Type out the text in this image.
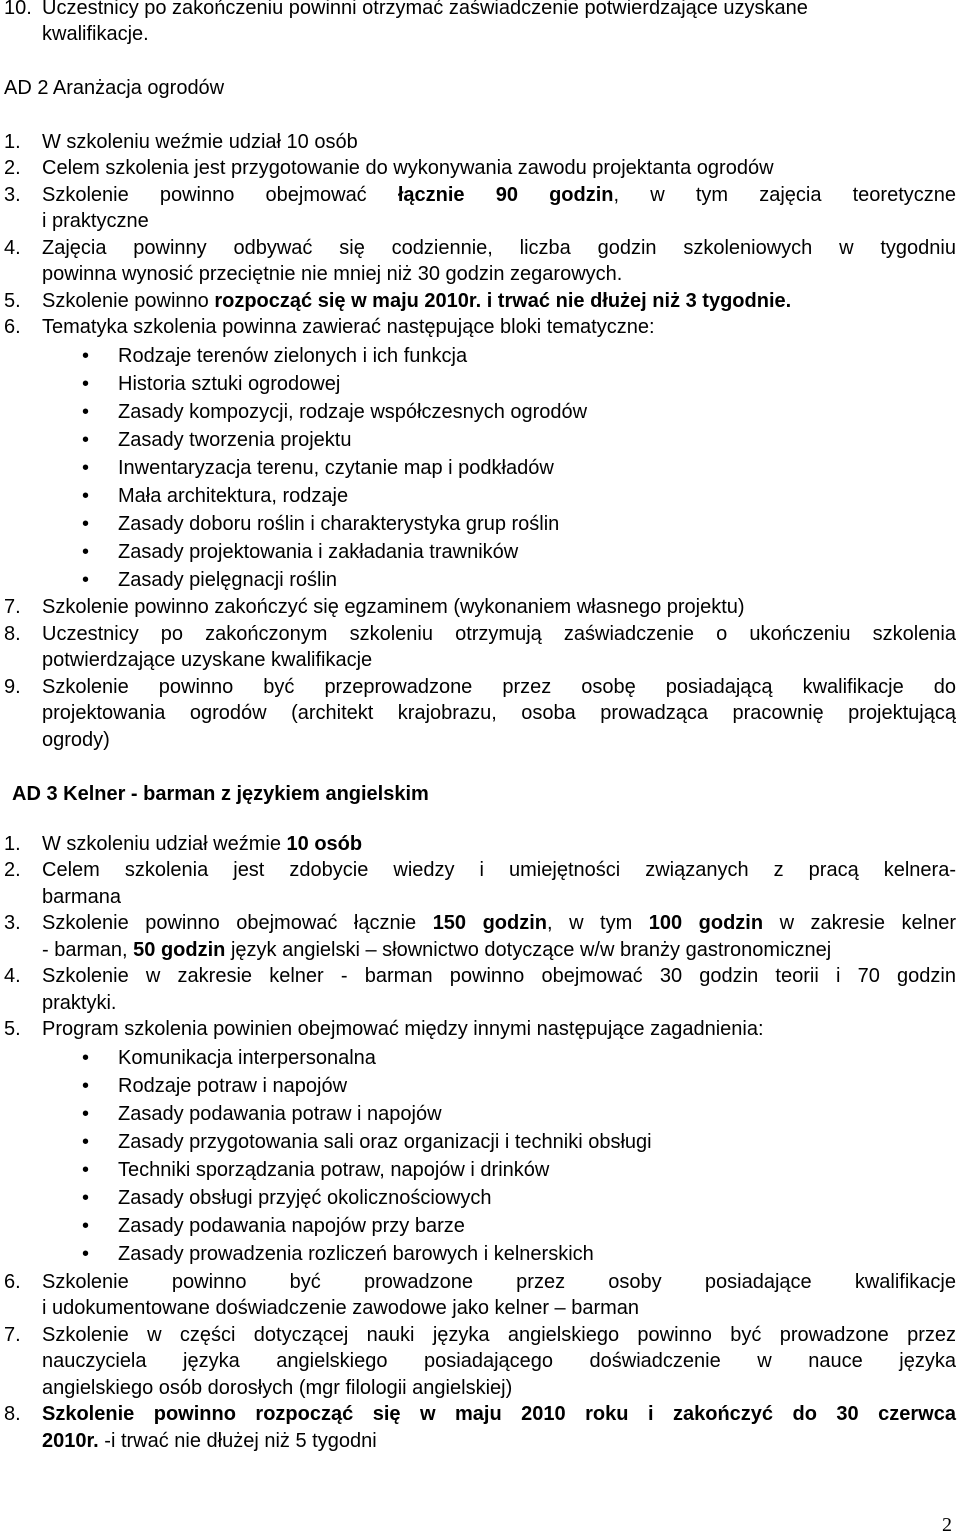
10. Uczestnicy po zakończeniu powinni otrzymać zaświadczenie potwierdzające uzyskane
kwalifikacje.
AD 2 Aranżacja ogrodów
1. W szkoleniu weźmie udział 10 osób
2. Celem szkolenia jest przygotowanie do wykonywania zawodu projektanta ogrodów
3. Szkolenie powinno obejmować łącznie 90 godzin, w tym zajęcia teoretyczne
i praktyczne
4. Zajęcia powinny odbywać się codziennie, liczba godzin szkoleniowych w tygodniu
powinna wynosić przeciętnie nie mniej niż 30 godzin zegarowych.
5. Szkolenie powinno rozpocząć się w maju 2010r. i trwać nie dłużej niż 3 tygodnie.
6. Tematyka szkolenia powinna zawierać następujące bloki tematyczne:
• Rodzaje terenów zielonych i ich funkcja
• Historia sztuki ogrodowej
• Zasady kompozycji, rodzaje współczesnych ogrodów
• Zasady tworzenia projektu
• Inwentaryzacja terenu, czytanie map i podkładów
• Mała architektura, rodzaje
• Zasady doboru roślin i charakterystyka grup roślin
• Zasady projektowania i zakładania trawników
• Zasady pielęgnacji roślin
7. Szkolenie powinno zakończyć się egzaminem (wykonaniem własnego projektu)
8. Uczestnicy po zakończonym szkoleniu otrzymują zaświadczenie o ukończeniu szkolenia
potwierdzające uzyskane kwalifikacje
9. Szkolenie powinno być przeprowadzone przez osobę posiadającą kwalifikacje do
projektowania ogrodów (architekt krajobrazu, osoba prowadząca pracownię projektującą
ogrody)
AD 3 Kelner - barman z językiem angielskim
1. W szkoleniu udział weźmie 10 osób
2. Celem szkolenia jest zdobycie wiedzy i umiejętności związanych z pracą kelnera-
barmana
3. Szkolenie powinno obejmować łącznie 150 godzin, w tym 100 godzin w zakresie kelner
- barman, 50 godzin język angielski – słownictwo dotyczące w/w branży gastronomicznej
4. Szkolenie w zakresie kelner - barman powinno obejmować 30 godzin teorii i 70 godzin
praktyki.
5. Program szkolenia powinien obejmować między innymi następujące zagadnienia:
• Komunikacja interpersonalna
• Rodzaje potraw i napojów
• Zasady podawania potraw i napojów
• Zasady przygotowania sali oraz organizacji i techniki obsługi
• Techniki sporządzania potraw, napojów i drinków
• Zasady obsługi przyjęć okolicznościowych
• Zasady podawania napojów przy barze
• Zasady prowadzenia rozliczeń barowych i kelnerskich
6. Szkolenie powinno być prowadzone przez osoby posiadające kwalifikacje
i udokumentowane doświadczenie zawodowe jako kelner – barman
7. Szkolenie w części dotyczącej nauki języka angielskiego powinno być prowadzone przez
nauczyciela języka angielskiego posiadającego doświadczenie w nauce języka
angielskiego osób dorosłych (mgr filologii angielskiej)
8. Szkolenie powinno rozpocząć się w maju 2010 roku i zakończyć do 30 czerwca
2010r. -i trwać nie dłużej niż 5 tygodni
2
